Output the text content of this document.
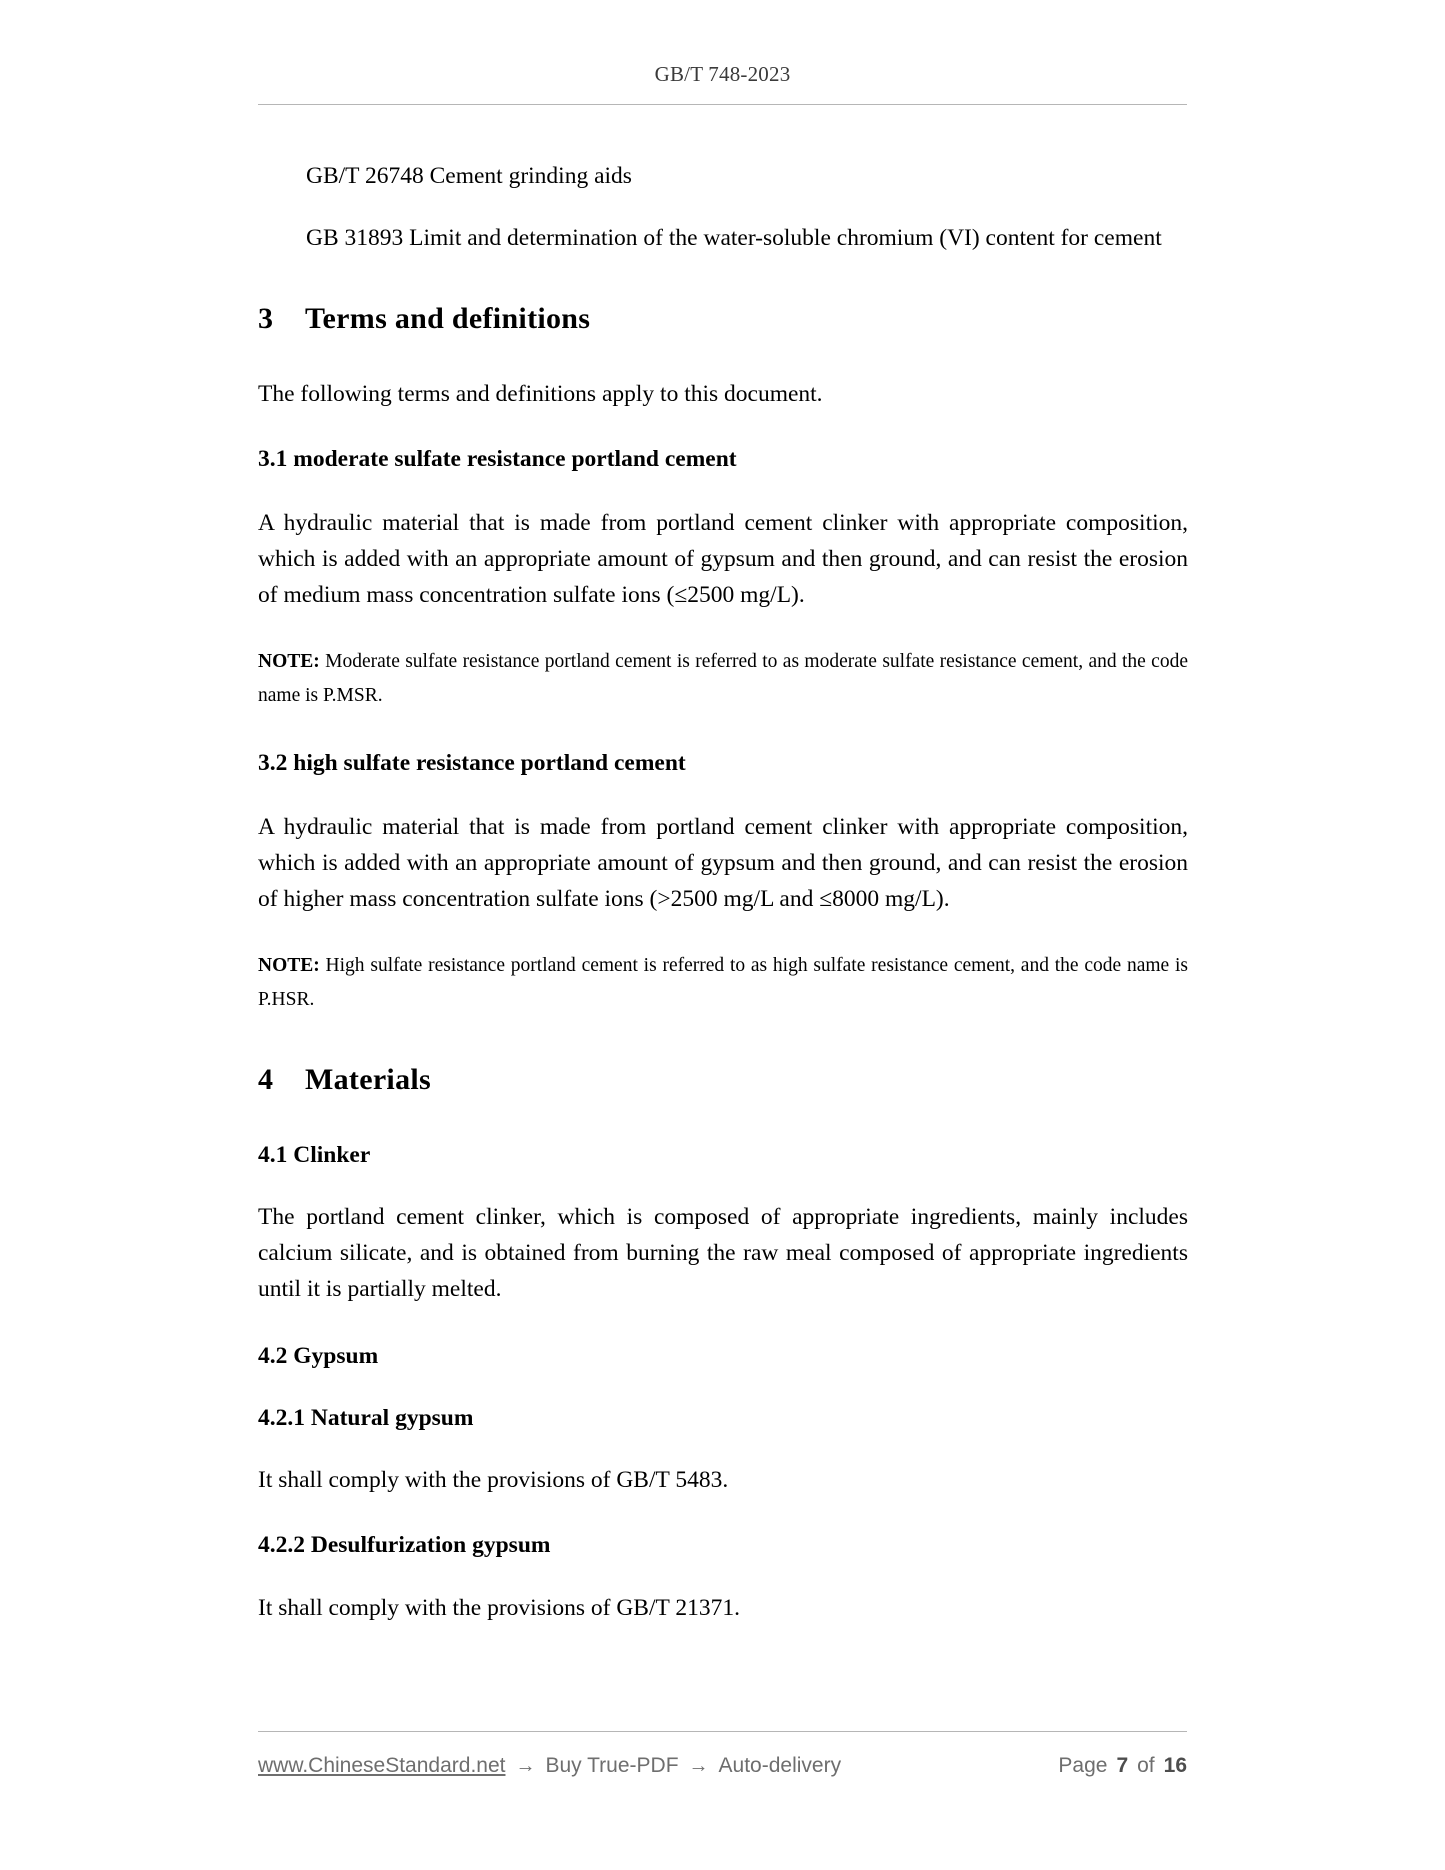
GB/T 748-2023

GB/T 26748 Cement grinding aids

GB 31893 Limit and determination of the water-soluble chromium (VI) content for cement

3 Terms and definitions

The following terms and definitions apply to this document.

3.1 moderate sulfate resistance portland cement

A hydraulic material that is made from portland cement clinker with appropriate composition, which is added with an appropriate amount of gypsum and then ground, and can resist the erosion of medium mass concentration sulfate ions (≤2500 mg/L).

NOTE: Moderate sulfate resistance portland cement is referred to as moderate sulfate resistance cement, and the code name is P.MSR.

3.2 high sulfate resistance portland cement

A hydraulic material that is made from portland cement clinker with appropriate composition, which is added with an appropriate amount of gypsum and then ground, and can resist the erosion of higher mass concentration sulfate ions (>2500 mg/L and ≤8000 mg/L).

NOTE: High sulfate resistance portland cement is referred to as high sulfate resistance cement, and the code name is P.HSR.

4 Materials
4.1 Clinker

The portland cement clinker, which is composed of appropriate ingredients, mainly includes calcium silicate, and is obtained from burning the raw meal composed of appropriate ingredients until it is partially melted.

4.2 Gypsum
4.2.1 Natural gypsum

It shall comply with the provisions of GB/T 5483.

4.2.2 Desulfurization gypsum

It shall comply with the provisions of GB/T 21371.

www.ChineseStandard.net → Buy True-PDF → Auto-delivery	Page 7 of 16
